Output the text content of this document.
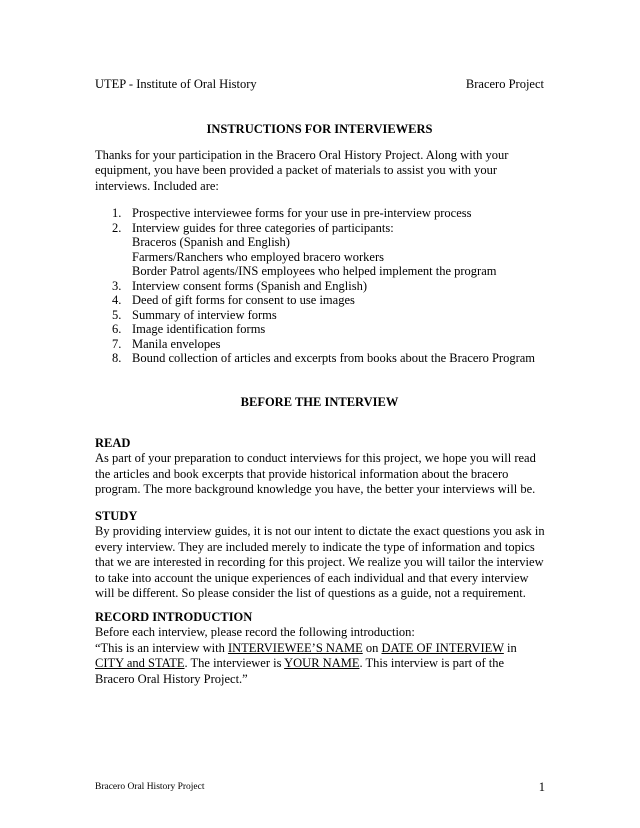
UTEP - Institute of Oral History	Bracero Project
INSTRUCTIONS FOR INTERVIEWERS
Thanks for your participation in the Bracero Oral History Project. Along with your
equipment, you have been provided a packet of materials to assist you with your
interviews. Included are:
1. Prospective interviewee forms for your use in pre-interview process
2. Interview guides for three categories of participants:
Braceros (Spanish and English)
Farmers/Ranchers who employed bracero workers
Border Patrol agents/INS employees who helped implement the program
3. Interview consent forms (Spanish and English)
4. Deed of gift forms for consent to use images
5. Summary of interview forms
6. Image identification forms
7. Manila envelopes
8. Bound collection of articles and excerpts from books about the Bracero Program
BEFORE THE INTERVIEW
READ

As part of your preparation to conduct interviews for this project, we hope you will read

the articles and book excerpts that provide historical information about the bracero

program. The more background knowledge you have, the better your interviews will be.

STUDY

By providing interview guides, it is not our intent to dictate the exact questions you ask in

every interview. They are included merely to indicate the type of information and topics

that we are interested in recording for this project. We realize you will tailor the interview

to take into account the unique experiences of each individual and that every interview

will be different. So please consider the list of questions as a guide, not a requirement.

RECORD INTRODUCTION

Before each interview, please record the following introduction:

“This is an interview with INTERVIEWEE’S NAME on DATE OF INTERVIEW in

CITY and STATE. The interviewer is YOUR NAME. This interview is part of the

Bracero Oral History Project.”

Bracero Oral History Project	1
